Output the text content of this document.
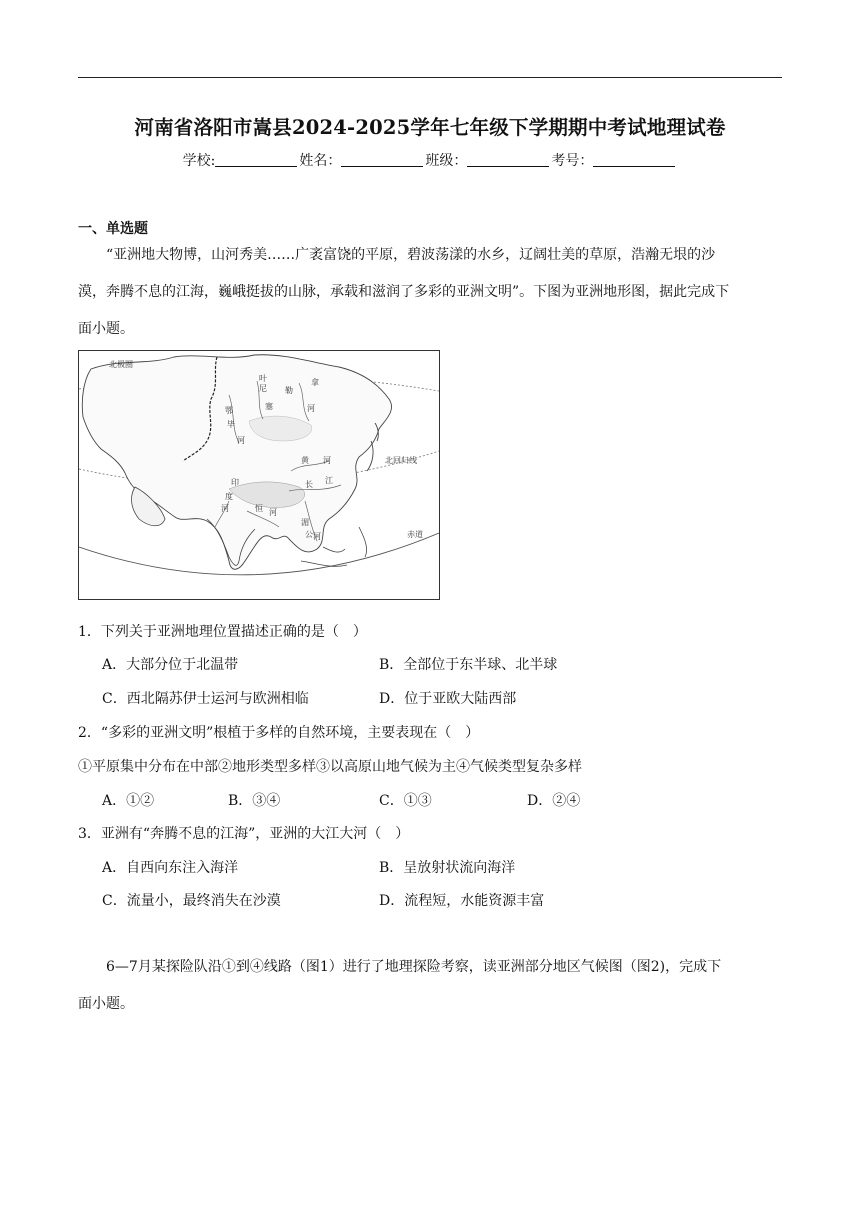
河南省洛阳市嵩县2024-2025学年七年级下学期期中考试地理试卷
学校:	姓名：	班级：	考号：
一、单选题
“亚洲地大物博，山河秀美……广袤富饶的平原，碧波荡漾的水乡，辽阔壮美的草原，浩瀚无垠的沙
漠，奔腾不息的江海，巍峨挺拔的山脉，承载和滋润了多彩的亚洲文明”。下图为亚洲地形图，据此完成下
面小题。
叶
尼
塞
勒
拿
河
鄂
毕
河
黄 河
长 江
印
度
河	恒 河
湄
公 河
北回归线
赤道
北极圈
1．下列关于亚洲地理位置描述正确的是（　）
A．大部分位于北温带	B．全部位于东半球、北半球
C．西北隔苏伊士运河与欧洲相临	D．位于亚欧大陆西部
2．“多彩的亚洲文明”根植于多样的自然环境，主要表现在（　）
①平原集中分布在中部②地形类型多样③以高原山地气候为主④气候类型复杂多样
A．①②	B．③④	C．①③	D．②④
3．亚洲有“奔腾不息的江海”，亚洲的大江大河（　）
A．自西向东注入海洋	B．呈放射状流向海洋
C．流量小，最终消失在沙漠	D．流程短，水能资源丰富
6—7月某探险队沿①到④线路（图1）进行了地理探险考察，读亚洲部分地区气候图（图2)，完成下
面小题。
